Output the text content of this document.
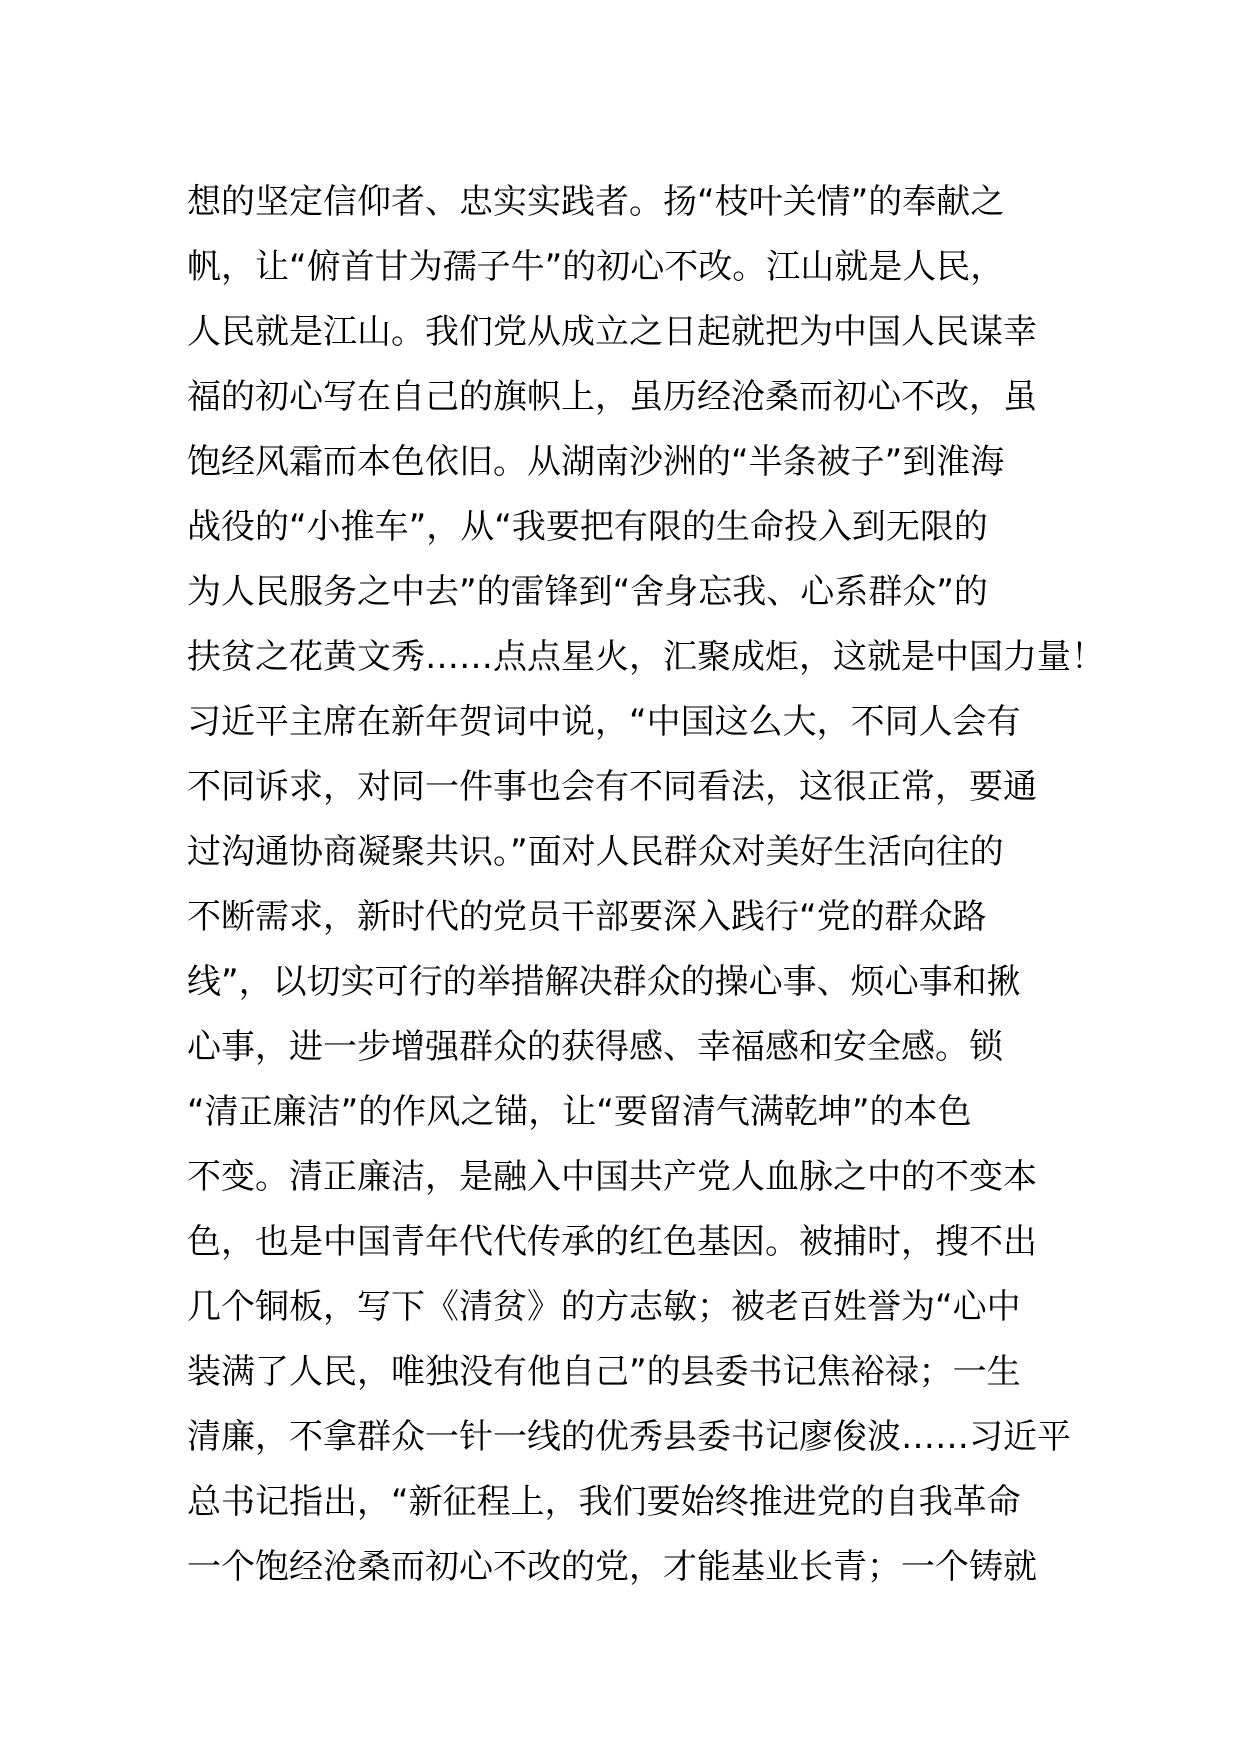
想的坚定信仰者、忠实实践者。扬“枝叶关情”的奉献之
帆，让“俯首甘为孺子牛”的初心不改。江山就是人民，
人民就是江山。我们党从成立之日起就把为中国人民谋幸
福的初心写在自己的旗帜上，虽历经沧桑而初心不改，虽
饱经风霜而本色依旧。从湖南沙洲的“半条被子”到淮海
战役的“小推车”，从“我要把有限的生命投入到无限的
为人民服务之中去”的雷锋到“舍身忘我、心系群众”的
扶贫之花黄文秀……点点星火，汇聚成炬，这就是中国力量！
习近平主席在新年贺词中说，“中国这么大，不同人会有
不同诉求，对同一件事也会有不同看法，这很正常，要通
过沟通协商凝聚共识。”面对人民群众对美好生活向往的
不断需求，新时代的党员干部要深入践行“党的群众路
线”，以切实可行的举措解决群众的操心事、烦心事和揪
心事，进一步增强群众的获得感、幸福感和安全感。锁
“清正廉洁”的作风之锚，让“要留清气满乾坤”的本色
不变。清正廉洁，是融入中国共产党人血脉之中的不变本
色，也是中国青年代代传承的红色基因。被捕时，搜不出
几个铜板，写下《清贫》的方志敏；被老百姓誉为“心中
装满了人民，唯独没有他自己”的县委书记焦裕禄；一生
清廉，不拿群众一针一线的优秀县委书记廖俊波……习近平
总书记指出，“新征程上，我们要始终推进党的自我革命
一个饱经沧桑而初心不改的党，才能基业长青；一个铸就
